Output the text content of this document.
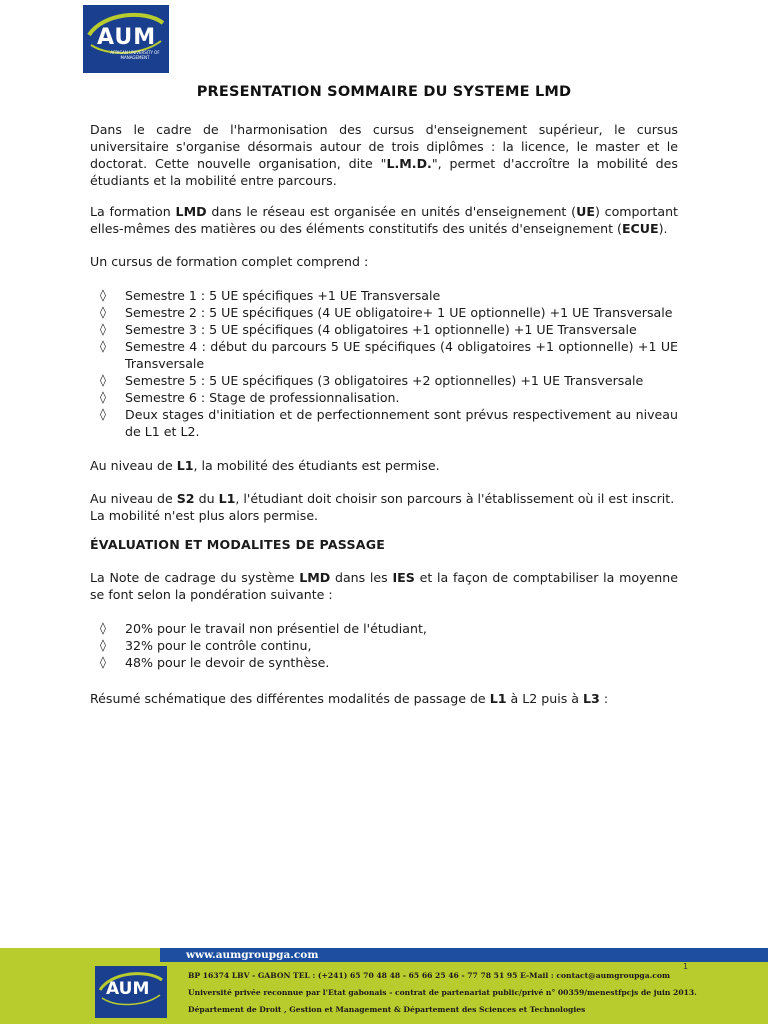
AUM
AFRICAN UNIVERSITY OF MANAGEMENT
PRESENTATION SOMMAIRE DU SYSTEME LMD
Dans le cadre de l'harmonisation des cursus d'enseignement supérieur, le cursus universitaire s'organise désormais autour de trois diplômes : la licence, le master et le doctorat. Cette nouvelle organisation, dite "L.M.D.", permet d'accroître la mobilité des étudiants et la mobilité entre parcours.
La formation LMD dans le réseau est organisée en unités d'enseignement (UE) comportant elles-mêmes des matières ou des éléments constitutifs des unités d'enseignement (ECUE).
Un cursus de formation complet comprend :
◊ Semestre 1 : 5 UE spécifiques +1 UE Transversale
◊ Semestre 2 : 5 UE spécifiques (4 UE obligatoire+ 1 UE optionnelle) +1 UE Transversale
◊ Semestre 3 : 5 UE spécifiques (4 obligatoires +1 optionnelle) +1 UE Transversale
◊ Semestre 4 : début du parcours 5 UE spécifiques (4 obligatoires +1 optionnelle) +1 UE Transversale
◊ Semestre 5 : 5 UE spécifiques (3 obligatoires +2 optionnelles) +1 UE Transversale
◊ Semestre 6 : Stage de professionnalisation.
◊ Deux stages d'initiation et de perfectionnement sont prévus respectivement au niveau de L1 et L2.
Au niveau de L1, la mobilité des étudiants est permise.
Au niveau de S2 du L1, l'étudiant doit choisir son parcours à l'établissement où il est inscrit. La mobilité n'est plus alors permise.
ÉVALUATION ET MODALITES DE PASSAGE
La Note de cadrage du système LMD dans les IES et la façon de comptabiliser la moyenne se font selon la pondération suivante :
◊ 20% pour le travail non présentiel de l'étudiant,
◊ 32% pour le contrôle continu,
◊ 48% pour le devoir de synthèse.
Résumé schématique des différentes modalités de passage de L1 à L2 puis à L3 :
www.aumgroupga.com
AUM
1
BP 16374 LBV - GABON TEL : (+241) 65 70 48 48 - 65 66 25 46 - 77 78 51 95 E-Mail : contact@aumgroupga.com
Université privée reconnue par l'Etat gabonais - contrat de partenariat public/privé n° 00359/menestfpcjs de juin 2013.
Département de Droit , Gestion et Management & Département des Sciences et Technologies
